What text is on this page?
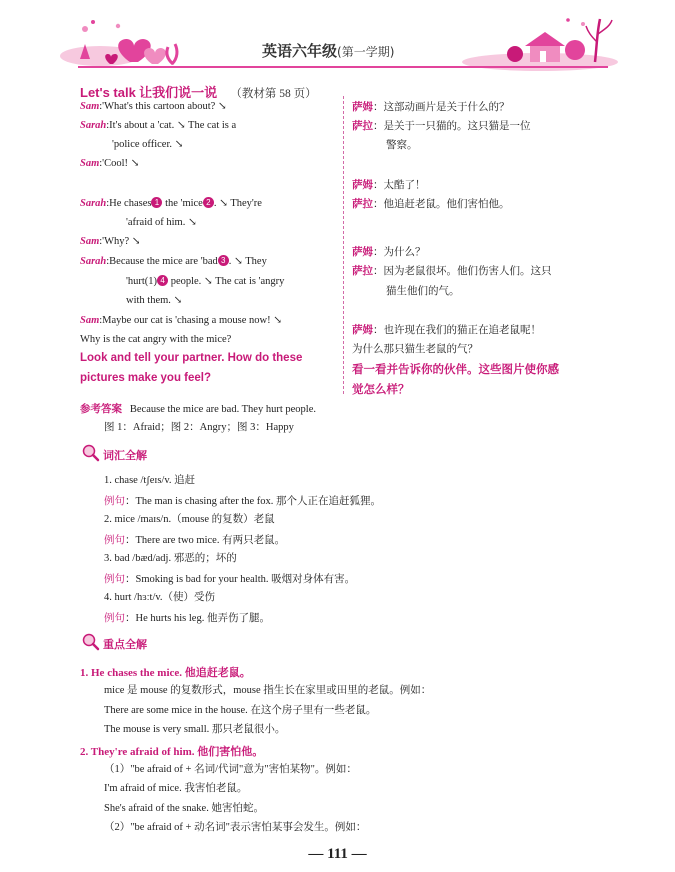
英语六年级(第一学期)
Let's talk 让我们说一说 （教材第 58 页）
Sam:'What's this cartoon about? ↘
Sarah:It's about a 'cat. ↘ The cat is a
'police officer. ↘
Sam:'Cool! ↘
Sarah:He chases 1 the 'mice 2 . ↘ They're
'afraid of him. ↘
Sam:'Why? ↘
Sarah:Because the mice are 'bad 3 . ↘ They
'hurt(1) 4 people. ↘ The cat is 'angry
with them. ↘
Sam:Maybe our cat is 'chasing a mouse now! ↘
Why is the cat angry with the mice?
Look and tell your partner. How do these
pictures make you feel?
萨姆：这部动画片是关于什么的？
萨拉：是关于一只猫的。这只猫是一位
警察。
萨姆：太酷了！
萨拉：他追赶老鼠。他们害怕他。
萨姆：为什么？
萨拉：因为老鼠很坏。他们伤害人们。这只
猫生他们的气。
萨姆：也许现在我们的猫正在追老鼠呢！
为什么那只猫生老鼠的气？
看一看并告诉你的伙伴。这些图片使你感
觉怎么样？
参考答案 Because the mice are bad. They hurt people.
图 1：Afraid；图 2：Angry；图 3：Happy
词汇全解
1. chase /tʃeɪs/v. 追赶
例句：The man is chasing after the fox. 那个人正在追赶狐狸。
2. mice /maɪs/n.（mouse 的复数）老鼠
例句：There are two mice. 有两只老鼠。
3. bad /bæd/adj. 邪恶的；坏的
例句：Smoking is bad for your health. 吸烟对身体有害。
4. hurt /hɜːt/v.（使）受伤
例句：He hurts his leg. 他弄伤了腿。
重点全解
1. He chases the mice. 他追赶老鼠。
mice 是 mouse 的复数形式，mouse 指生长在家里或田里的老鼠。例如：
There are some mice in the house. 在这个房子里有一些老鼠。
The mouse is very small. 那只老鼠很小。
2. They're afraid of him. 他们害怕他。
（1）"be afraid of + 名词/代词"意为"害怕某物"。例如：
I'm afraid of mice. 我害怕老鼠。
She's afraid of the snake. 她害怕蛇。
（2）"be afraid of + 动名词"表示害怕某事会发生。例如：
— 111 —
